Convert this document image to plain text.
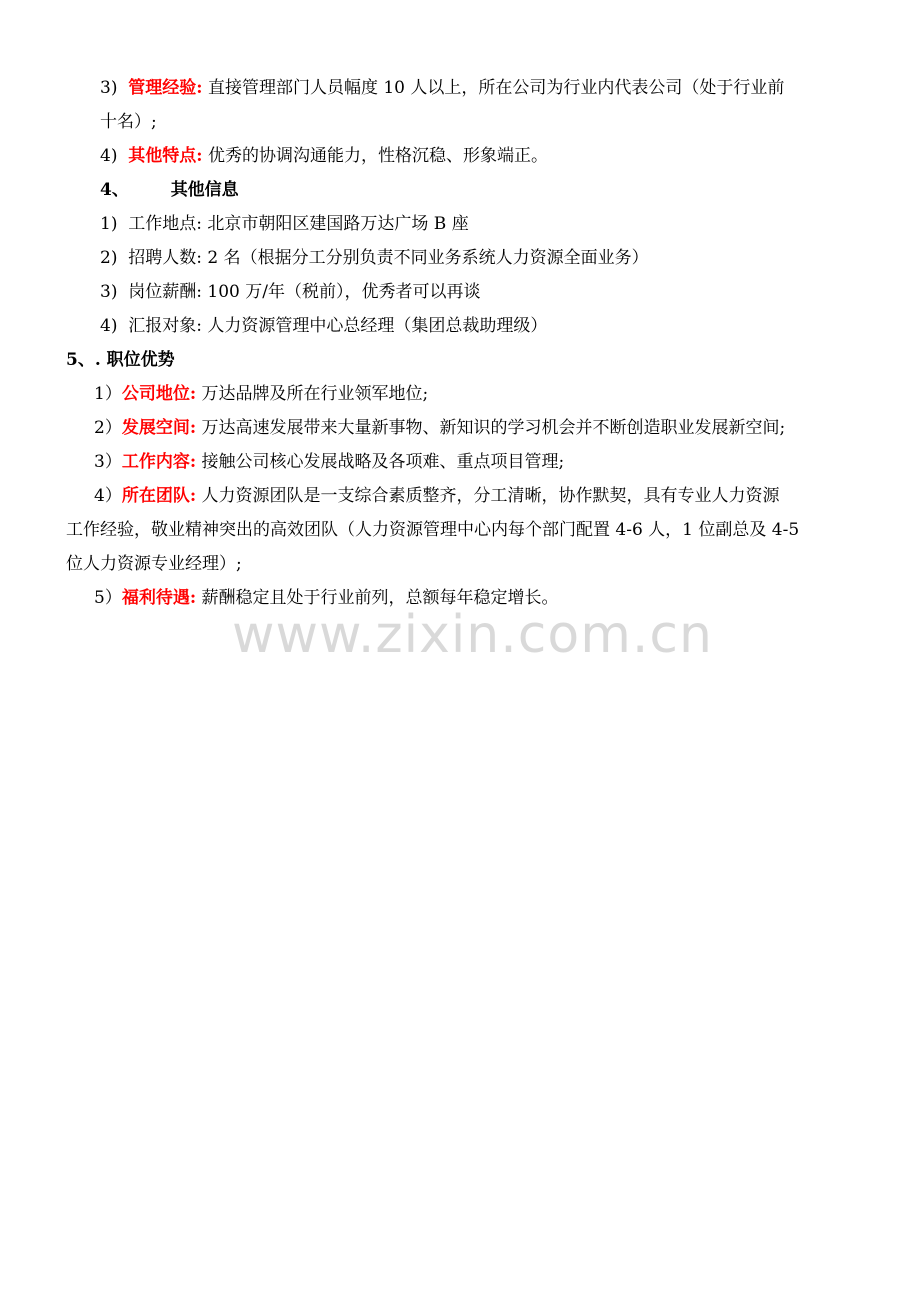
3) 管理经验: 直接管理部门人员幅度 10 人以上，所在公司为行业内代表公司（处于行业前
十名）;
4) 其他特点: 优秀的协调沟通能力，性格沉稳、形象端正。
4、 其他信息
1) 工作地点: 北京市朝阳区建国路万达广场 B 座
2) 招聘人数: 2 名（根据分工分别负责不同业务系统人力资源全面业务）
3) 岗位薪酬: 100 万/年（税前），优秀者可以再谈
4) 汇报对象: 人力资源管理中心总经理（集团总裁助理级）
5、. 职位优势
1）公司地位: 万达品牌及所在行业领军地位;
2）发展空间: 万达高速发展带来大量新事物、新知识的学习机会并不断创造职业发展新空间;
3）工作内容: 接触公司核心发展战略及各项难、重点项目管理;
4）所在团队: 人力资源团队是一支综合素质整齐，分工清晰，协作默契，具有专业人力资源
工作经验，敬业精神突出的高效团队（人力资源管理中心内每个部门配置 4-6 人，1 位副总及 4-5
位人力资源专业经理）;
5）福利待遇: 薪酬稳定且处于行业前列，总额每年稳定增长。
www.zixin.com.cn
